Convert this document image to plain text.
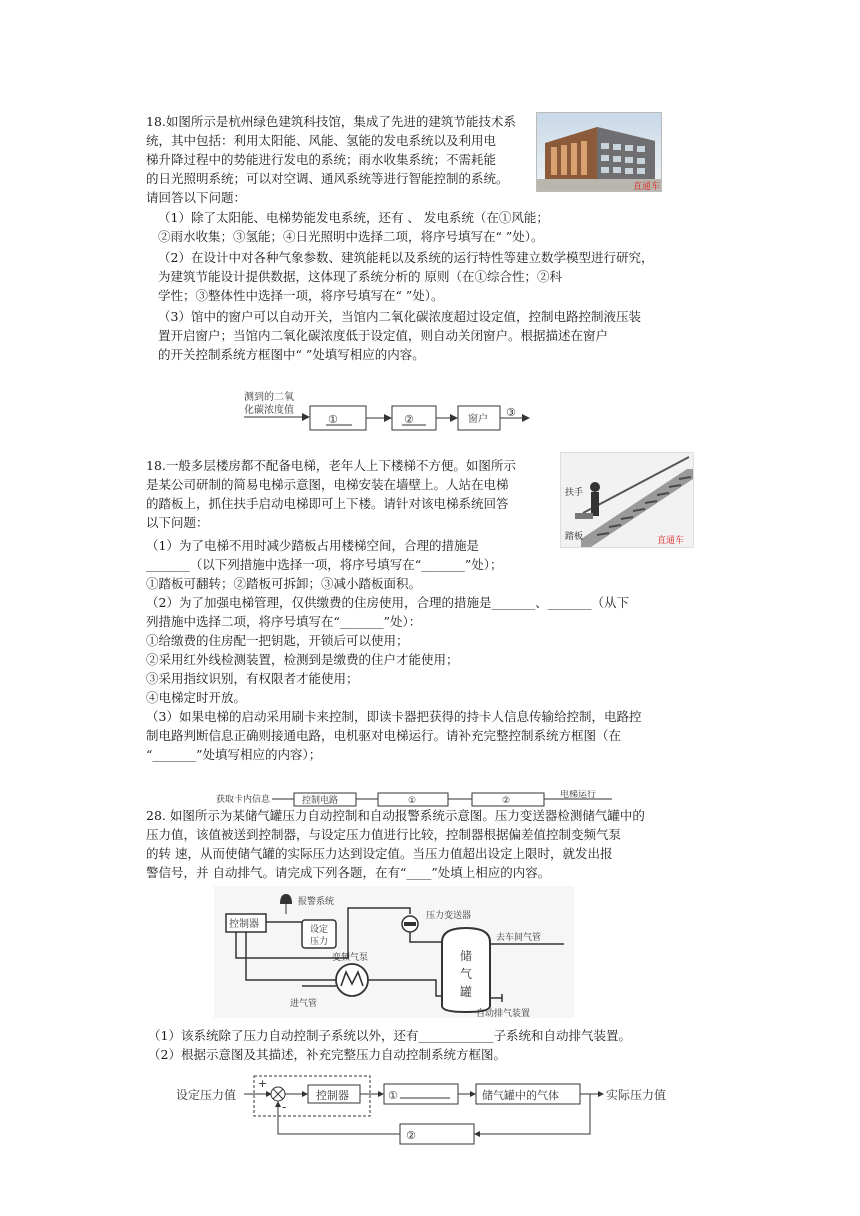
18.如图所示是杭州绿色建筑科技馆，集成了先进的建筑节能技术系
统，其中包括：利用太阳能、风能、氢能的发电系统以及利用电
梯升降过程中的势能进行发电的系统；雨水收集系统；不需耗能
的日光照明系统；可以对空调、通风系统等进行智能控制的系统。
请回答以下问题：
直通车
（1）除了太阳能、电梯势能发电系统，还有 、 发电系统（在①风能；
②雨水收集；③氢能；④日光照明中选择二项，将序号填写在“ ”处）。
（2）在设计中对各种气象参数、建筑能耗以及系统的运行特性等建立数学模型进行研究，
为建筑节能设计提供数据，这体现了系统分析的 原则（在①综合性；②科
学性；③整体性中选择一项，将序号填写在“ ”处）。
（3）馆中的窗户可以自动开关，当馆内二氧化碳浓度超过设定值，控制电路控制液压装
置开启窗户；当馆内二氧化碳浓度低于设定值，则自动关闭窗户。根据描述在窗户
的开关控制系统方框图中“ ”处填写相应的内容。
测到的二氧
化碳浓度值
①	②	窗户
③
18.一般多层楼房都不配备电梯，老年人上下楼梯不方便。如图所示
是某公司研制的简易电梯示意图，电梯安装在墙壁上。人站在电梯
的踏板上，抓住扶手启动电梯即可上下楼。请针对该电梯系统回答
以下问题：
扶手
踏板	直通车
（1）为了电梯不用时减少踏板占用楼梯空间，合理的措施是
_______（以下列措施中选择一项，将序号填写在“_______”处）；
①踏板可翻转；②踏板可拆卸；③减小踏板面积。
（2）为了加强电梯管理，仅供缴费的住房使用，合理的措施是_______、_______（从下
列措施中选择二项，将序号填写在“_______”处）：
①给缴费的住房配一把钥匙，开锁后可以使用；
②采用红外线检测装置，检测到是缴费的住户才能使用；
③采用指纹识别，有权限者才能使用；
④电梯定时开放。
（3）如果电梯的启动采用刷卡来控制，即读卡器把获得的持卡人信息传输给控制，电路控
制电路判断信息正确则接通电路，电机驱对电梯运行。请补充完整控制系统方框图（在
“_______”处填写相应的内容）；
获取卡内信息	控制电路	①	②
电梯运行
28. 如图所示为某储气罐压力自动控制和自动报警系统示意图。压力变送器检测储气罐中的
压力值，该值被送到控制器，与设定压力值进行比较，控制器根据偏差值控制变频气泵
的转 速，从而使储气罐的实际压力达到设定值。当压力值超出设定上限时，就发出报
警信号，并 自动排气。请完成下列各题，在有“____”处填上相应的内容。
报警系统
控制器	设定
压力
压力变送器
变频气泵
进气管
储
气
罐
去车间气管
自动排气装置
（1）该系统除了压力自动控制子系统以外，还有____________子系统和自动排气装置。
（2）根据示意图及其描述，补充完整压力自动控制系统方框图。
设定压力值
+
-
控制器	①	储气罐中的气体	实际压力值
②
